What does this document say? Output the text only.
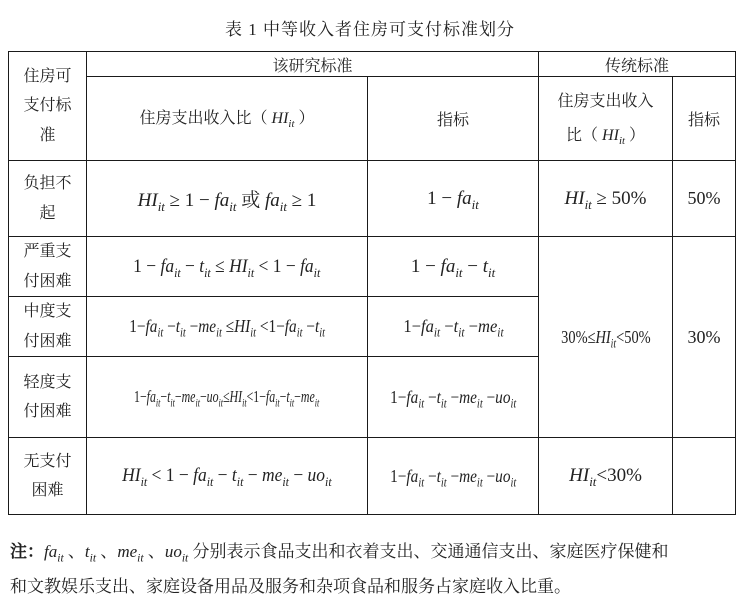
表 1 中等收入者住房可支付标准划分
住房可支付标准	该研究标准		传统标准	
	住房支出收入比（ $HI_{it}$ ）	指标	住房支出收入比（ $HI_{it}$ ）	指标
负担不起	$HI_{it} \ge 1 - fa_{it}$ 或 $fa_{it} \ge 1$	$1 - fa_{it}$	$HI_{it} \ge 50\%$	50%
严重支付困难	$1 - fa_{it} - t_{it} \le HI_{it} < 1 - fa_{it}$	$1 - fa_{it} - t_{it}$	$30\%\le HI_{it}<50\%$	30%
中度支付困难	$1-fa_{it} -t_{it} -me_{it} \le HI_{it} <1-fa_{it} -t_{it}$	$1-fa_{it} -t_{it} -me_{it}$
轻度支付困难	$1-fa_{it}-t_{it}-me_{it}-uo_{it}\le HI_{it}<1-fa_{it}-t_{it}-me_{it}$	$1-fa_{it} -t_{it} -me_{it} -uo_{it}$
无支付困难	$HI_{it} < 1 - fa_{it} - t_{it} - me_{it} - uo_{it}$	$1-fa_{it} -t_{it} -me_{it} -uo_{it}$	$HI_{it}<30\%$	
注：$fa_{it}$ 、$t_{it}$ 、$me_{it}$ 、$uo_{it}$ 分别表示食品支出和衣着支出、交通通信支出、家庭医疗保健和
和文教娱乐支出、家庭设备用品及服务和杂项食品和服务占家庭收入比重。
